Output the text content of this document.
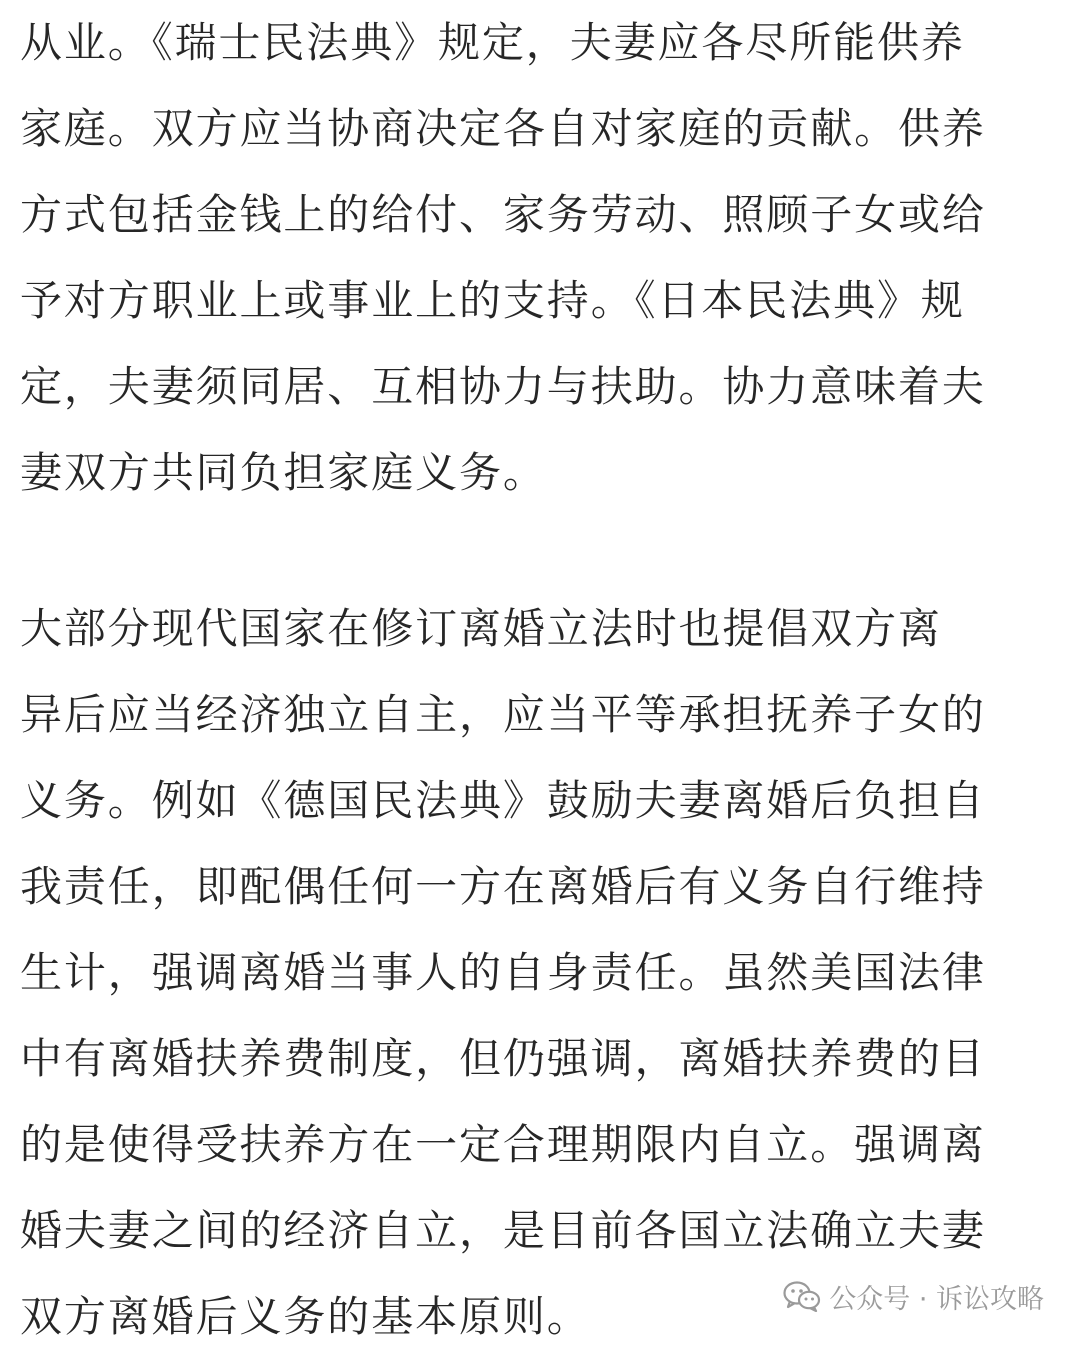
从业。《瑞士民法典》规定，夫妻应各尽所能供养
家庭。双方应当协商决定各自对家庭的贡献。供养
方式包括金钱上的给付、家务劳动、照顾子女或给
予对方职业上或事业上的支持。《日本民法典》规
定，夫妻须同居、互相协力与扶助。协力意味着夫
妻双方共同负担家庭义务。
大部分现代国家在修订离婚立法时也提倡双方离
异后应当经济独立自主，应当平等承担抚养子女的
义务。例如《德国民法典》鼓励夫妻离婚后负担自
我责任，即配偶任何一方在离婚后有义务自行维持
生计，强调离婚当事人的自身责任。虽然美国法律
中有离婚扶养费制度，但仍强调，离婚扶养费的目
的是使得受扶养方在一定合理期限内自立。强调离
婚夫妻之间的经济自立，是目前各国立法确立夫妻
双方离婚后义务的基本原则。	公众号 · 诉讼攻略
